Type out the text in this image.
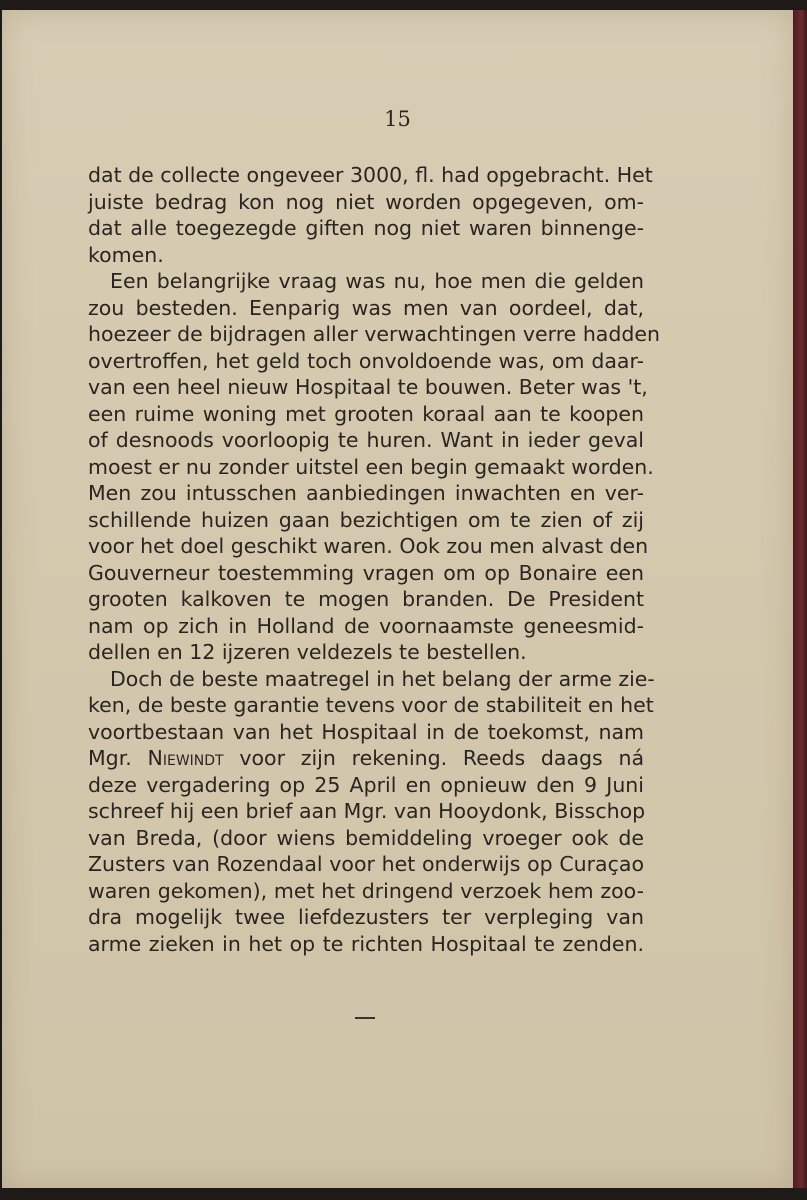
15

dat de collecte ongeveer 3000, fl. had opgebracht. Het
juiste bedrag kon nog niet worden opgegeven, om-
dat alle toegezegde giften nog niet waren binnenge-
komen.
Een belangrijke vraag was nu, hoe men die gelden
zou besteden. Eenparig was men van oordeel, dat,
hoezeer de bijdragen aller verwachtingen verre hadden
overtroffen, het geld toch onvoldoende was, om daar-
van een heel nieuw Hospitaal te bouwen. Beter was 't,
een ruime woning met grooten koraal aan te koopen
of desnoods voorloopig te huren. Want in ieder geval
moest er nu zonder uitstel een begin gemaakt worden.
Men zou intusschen aanbiedingen inwachten en ver-
schillende huizen gaan bezichtigen om te zien of zij
voor het doel geschikt waren. Ook zou men alvast den
Gouverneur toestemming vragen om op Bonaire een
grooten kalkoven te mogen branden. De President
nam op zich in Holland de voornaamste geneesmid-
dellen en 12 ijzeren veldezels te bestellen.
Doch de beste maatregel in het belang der arme zie-
ken, de beste garantie tevens voor de stabiliteit en het
voortbestaan van het Hospitaal in de toekomst, nam
Mgr. Niewindt voor zijn rekening. Reeds daags ná
deze vergadering op 25 April en opnieuw den 9 Juni
schreef hij een brief aan Mgr. van Hooydonk, Bisschop
van Breda, (door wiens bemiddeling vroeger ook de
Zusters van Rozendaal voor het onderwijs op Curaçao
waren gekomen), met het dringend verzoek hem zoo-
dra mogelijk twee liefdezusters ter verpleging van
arme zieken in het op te richten Hospitaal te zenden.
